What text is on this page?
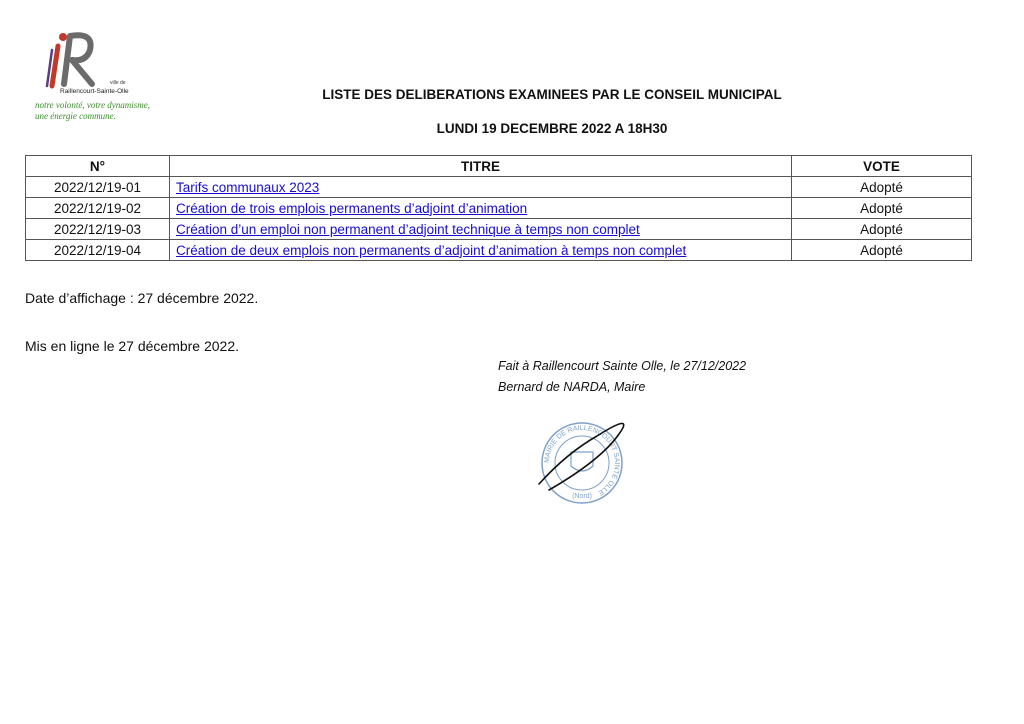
ville de
Raillencourt-Sainte-Olle
notre volonté, votre dynamisme,
une énergie commune.
LISTE DES DELIBERATIONS EXAMINEES PAR LE CONSEIL MUNICIPAL
LUNDI 19 DECEMBRE 2022 A 18H30
N°	TITRE	VOTE
2022/12/19-01	Tarifs communaux 2023	Adopté
2022/12/19-02	Création de trois emplois permanents d’adjoint d’animation	Adopté
2022/12/19-03	Création d’un emploi non permanent d’adjoint technique à temps non complet	Adopté
2022/12/19-04	Création de deux emplois non permanents d’adjoint d’animation à temps non complet	Adopté
Date d’affichage : 27 décembre 2022.
Mis en ligne le 27 décembre 2022.
Fait à Raillencourt Sainte Olle, le 27/12/2022
Bernard de NARDA, Maire
MAIRIE DE RAILLENCOURT SAINTE OLLE
(Nord)
